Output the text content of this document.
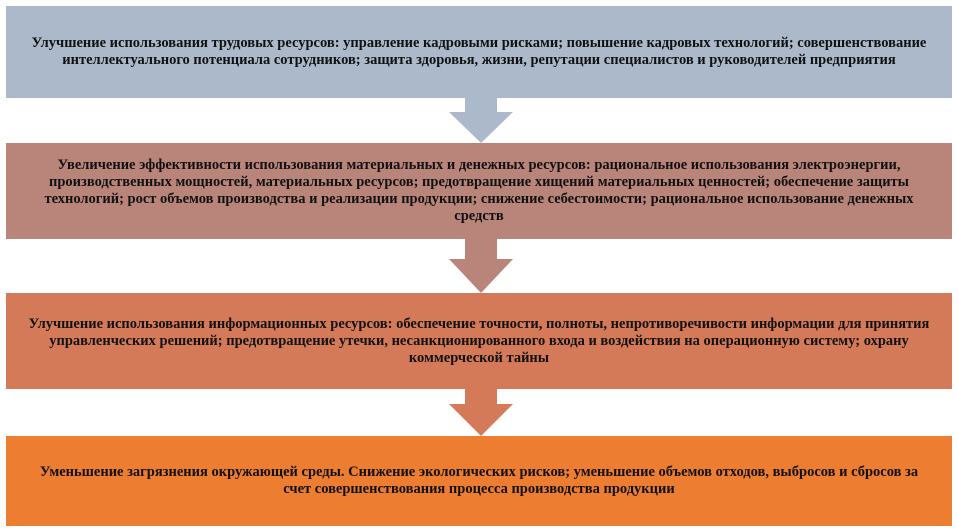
Улучшение использования трудовых ресурсов: управление кадровыми рисками; повышение кадровых технологий; совершенствование интеллектуального потенциала сотрудников; защита здоровья, жизни, репутации специалистов и руководителей предприятия
Увеличение эффективности использования материальных и денежных ресурсов: рациональное использования электроэнергии, производственных мощностей, материальных ресурсов; предотвращение хищений материальных ценностей; обеспечение защиты технологий; рост объемов производства и реализации продукции; снижение себестоимости; рациональное использование денежных средств
Улучшение использования информационных ресурсов: обеспечение точности, полноты, непротиворечивости информации для принятия управленческих решений; предотвращение утечки, несанкционированного входа и воздействия на операционную систему; охрану коммерческой тайны
Уменьшение загрязнения окружающей среды. Снижение экологических рисков; уменьшение объемов отходов, выбросов и сбросов за счет совершенствования процесса производства продукции
